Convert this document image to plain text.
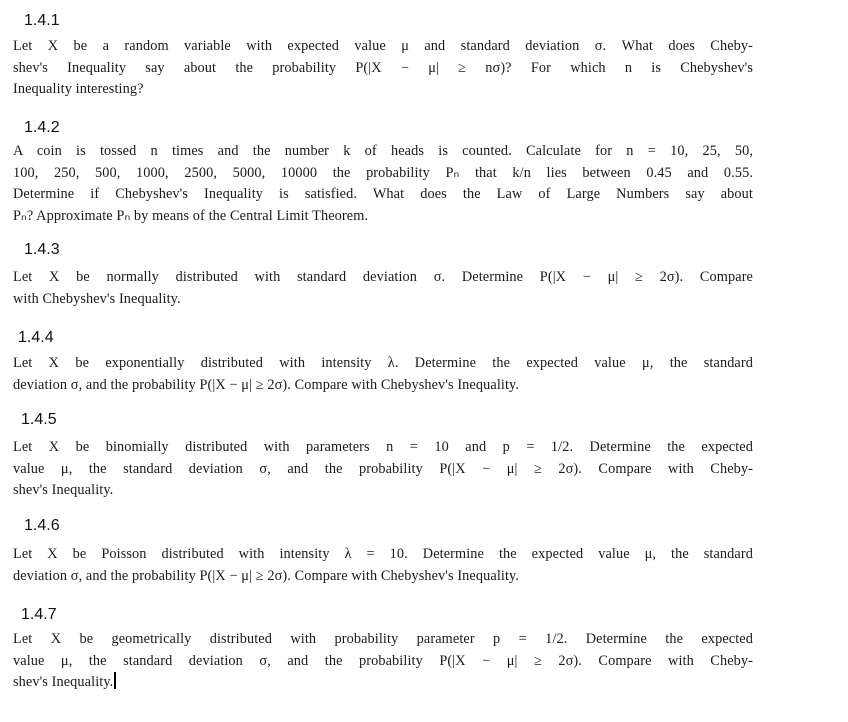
1.4.1
Let X be a random variable with expected value μ and standard deviation σ. What does Cheby-
shev's Inequality say about the probability P(|X − μ| ≥ nσ)? For which n is Chebyshev's
Inequality interesting?
1.4.2
A coin is tossed n times and the number k of heads is counted. Calculate for n = 10, 25, 50,
100, 250, 500, 1000, 2500, 5000, 10000 the probability Pₙ that k/n lies between 0.45 and 0.55.
Determine if Chebyshev's Inequality is satisfied. What does the Law of Large Numbers say about
Pₙ? Approximate Pₙ by means of the Central Limit Theorem.
1.4.3
Let X be normally distributed with standard deviation σ. Determine P(|X − μ| ≥ 2σ). Compare
with Chebyshev's Inequality.
1.4.4
Let X be exponentially distributed with intensity λ. Determine the expected value μ, the standard
deviation σ, and the probability P(|X − μ| ≥ 2σ). Compare with Chebyshev's Inequality.
1.4.5
Let X be binomially distributed with parameters n = 10 and p = 1/2. Determine the expected
value μ, the standard deviation σ, and the probability P(|X − μ| ≥ 2σ). Compare with Cheby-
shev's Inequality.
1.4.6
Let X be Poisson distributed with intensity λ = 10. Determine the expected value μ, the standard
deviation σ, and the probability P(|X − μ| ≥ 2σ). Compare with Chebyshev's Inequality.
1.4.7
Let X be geometrically distributed with probability parameter p = 1/2. Determine the expected
value μ, the standard deviation σ, and the probability P(|X − μ| ≥ 2σ). Compare with Cheby-
shev's Inequality.
